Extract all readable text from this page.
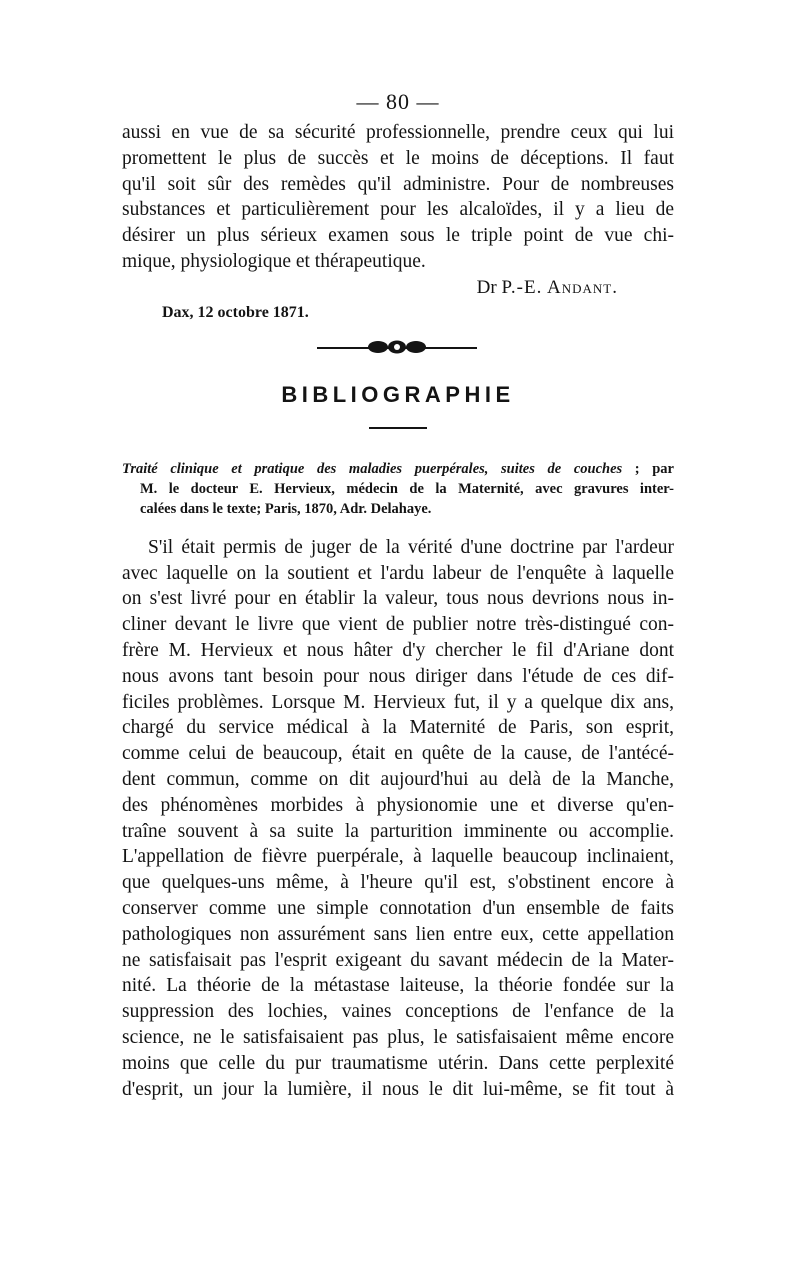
— 80 —

aussi en vue de sa sécurité professionnelle, prendre ceux qui lui
promettent le plus de succès et le moins de déceptions. Il faut
qu'il soit sûr des remèdes qu'il administre. Pour de nombreuses
substances et particulièrement pour les alcaloïdes, il y a lieu de
désirer un plus sérieux examen sous le triple point de vue chi-
mique, physiologique et thérapeutique.

Dr P.-E. Andant.
Dax, 12 octobre 1871.
BIBLIOGRAPHIE
Traité clinique et pratique des maladies puerpérales, suites de couches ; par
M. le docteur E. Hervieux, médecin de la Maternité, avec gravures inter-
calées dans le texte; Paris, 1870, Adr. Delahaye.

S'il était permis de juger de la vérité d'une doctrine par l'ardeur
avec laquelle on la soutient et l'ardu labeur de l'enquête à laquelle
on s'est livré pour en établir la valeur, tous nous devrions nous in-
cliner devant le livre que vient de publier notre très-distingué con-
frère M. Hervieux et nous hâter d'y chercher le fil d'Ariane dont
nous avons tant besoin pour nous diriger dans l'étude de ces dif-
ficiles problèmes. Lorsque M. Hervieux fut, il y a quelque dix ans,
chargé du service médical à la Maternité de Paris, son esprit,
comme celui de beaucoup, était en quête de la cause, de l'antécé-
dent commun, comme on dit aujourd'hui au delà de la Manche,
des phénomènes morbides à physionomie une et diverse qu'en-
traîne souvent à sa suite la parturition imminente ou accomplie.
L'appellation de fièvre puerpérale, à laquelle beaucoup inclinaient,
que quelques-uns même, à l'heure qu'il est, s'obstinent encore à
conserver comme une simple connotation d'un ensemble de faits
pathologiques non assurément sans lien entre eux, cette appellation
ne satisfaisait pas l'esprit exigeant du savant médecin de la Mater-
nité. La théorie de la métastase laiteuse, la théorie fondée sur la
suppression des lochies, vaines conceptions de l'enfance de la
science, ne le satisfaisaient pas plus, le satisfaisaient même encore
moins que celle du pur traumatisme utérin. Dans cette perplexité
d'esprit, un jour la lumière, il nous le dit lui-même, se fit tout à
